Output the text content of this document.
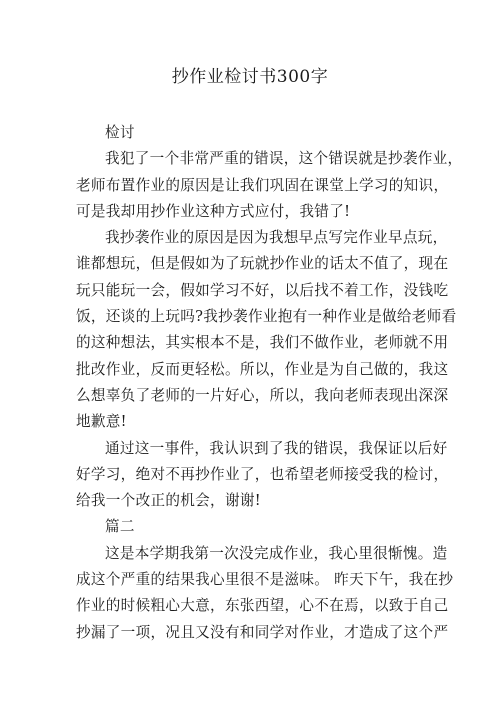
抄作业检讨书300字
检讨
我犯了一个非常严重的错误，这个错误就是抄袭作业，
老师布置作业的原因是让我们巩固在课堂上学习的知识，
可是我却用抄作业这种方式应付，我错了!
我抄袭作业的原因是因为我想早点写完作业早点玩，
谁都想玩，但是假如为了玩就抄作业的话太不值了，现在
玩只能玩一会，假如学习不好，以后找不着工作，没钱吃
饭，还谈的上玩吗?我抄袭作业抱有一种作业是做给老师看
的这种想法，其实根本不是，我们不做作业，老师就不用
批改作业，反而更轻松。所以，作业是为自己做的，我这
么想辜负了老师的一片好心，所以，我向老师表现出深深
地歉意!
通过这一事件，我认识到了我的错误，我保证以后好
好学习，绝对不再抄作业了，也希望老师接受我的检讨，
给我一个改正的机会，谢谢!
篇二
这是本学期我第一次没完成作业，我心里很惭愧。造
成这个严重的结果我心里很不是滋味。 昨天下午，我在抄
作业的时候粗心大意，东张西望，心不在焉，以致于自己
抄漏了一项，况且又没有和同学对作业，才造成了这个严
